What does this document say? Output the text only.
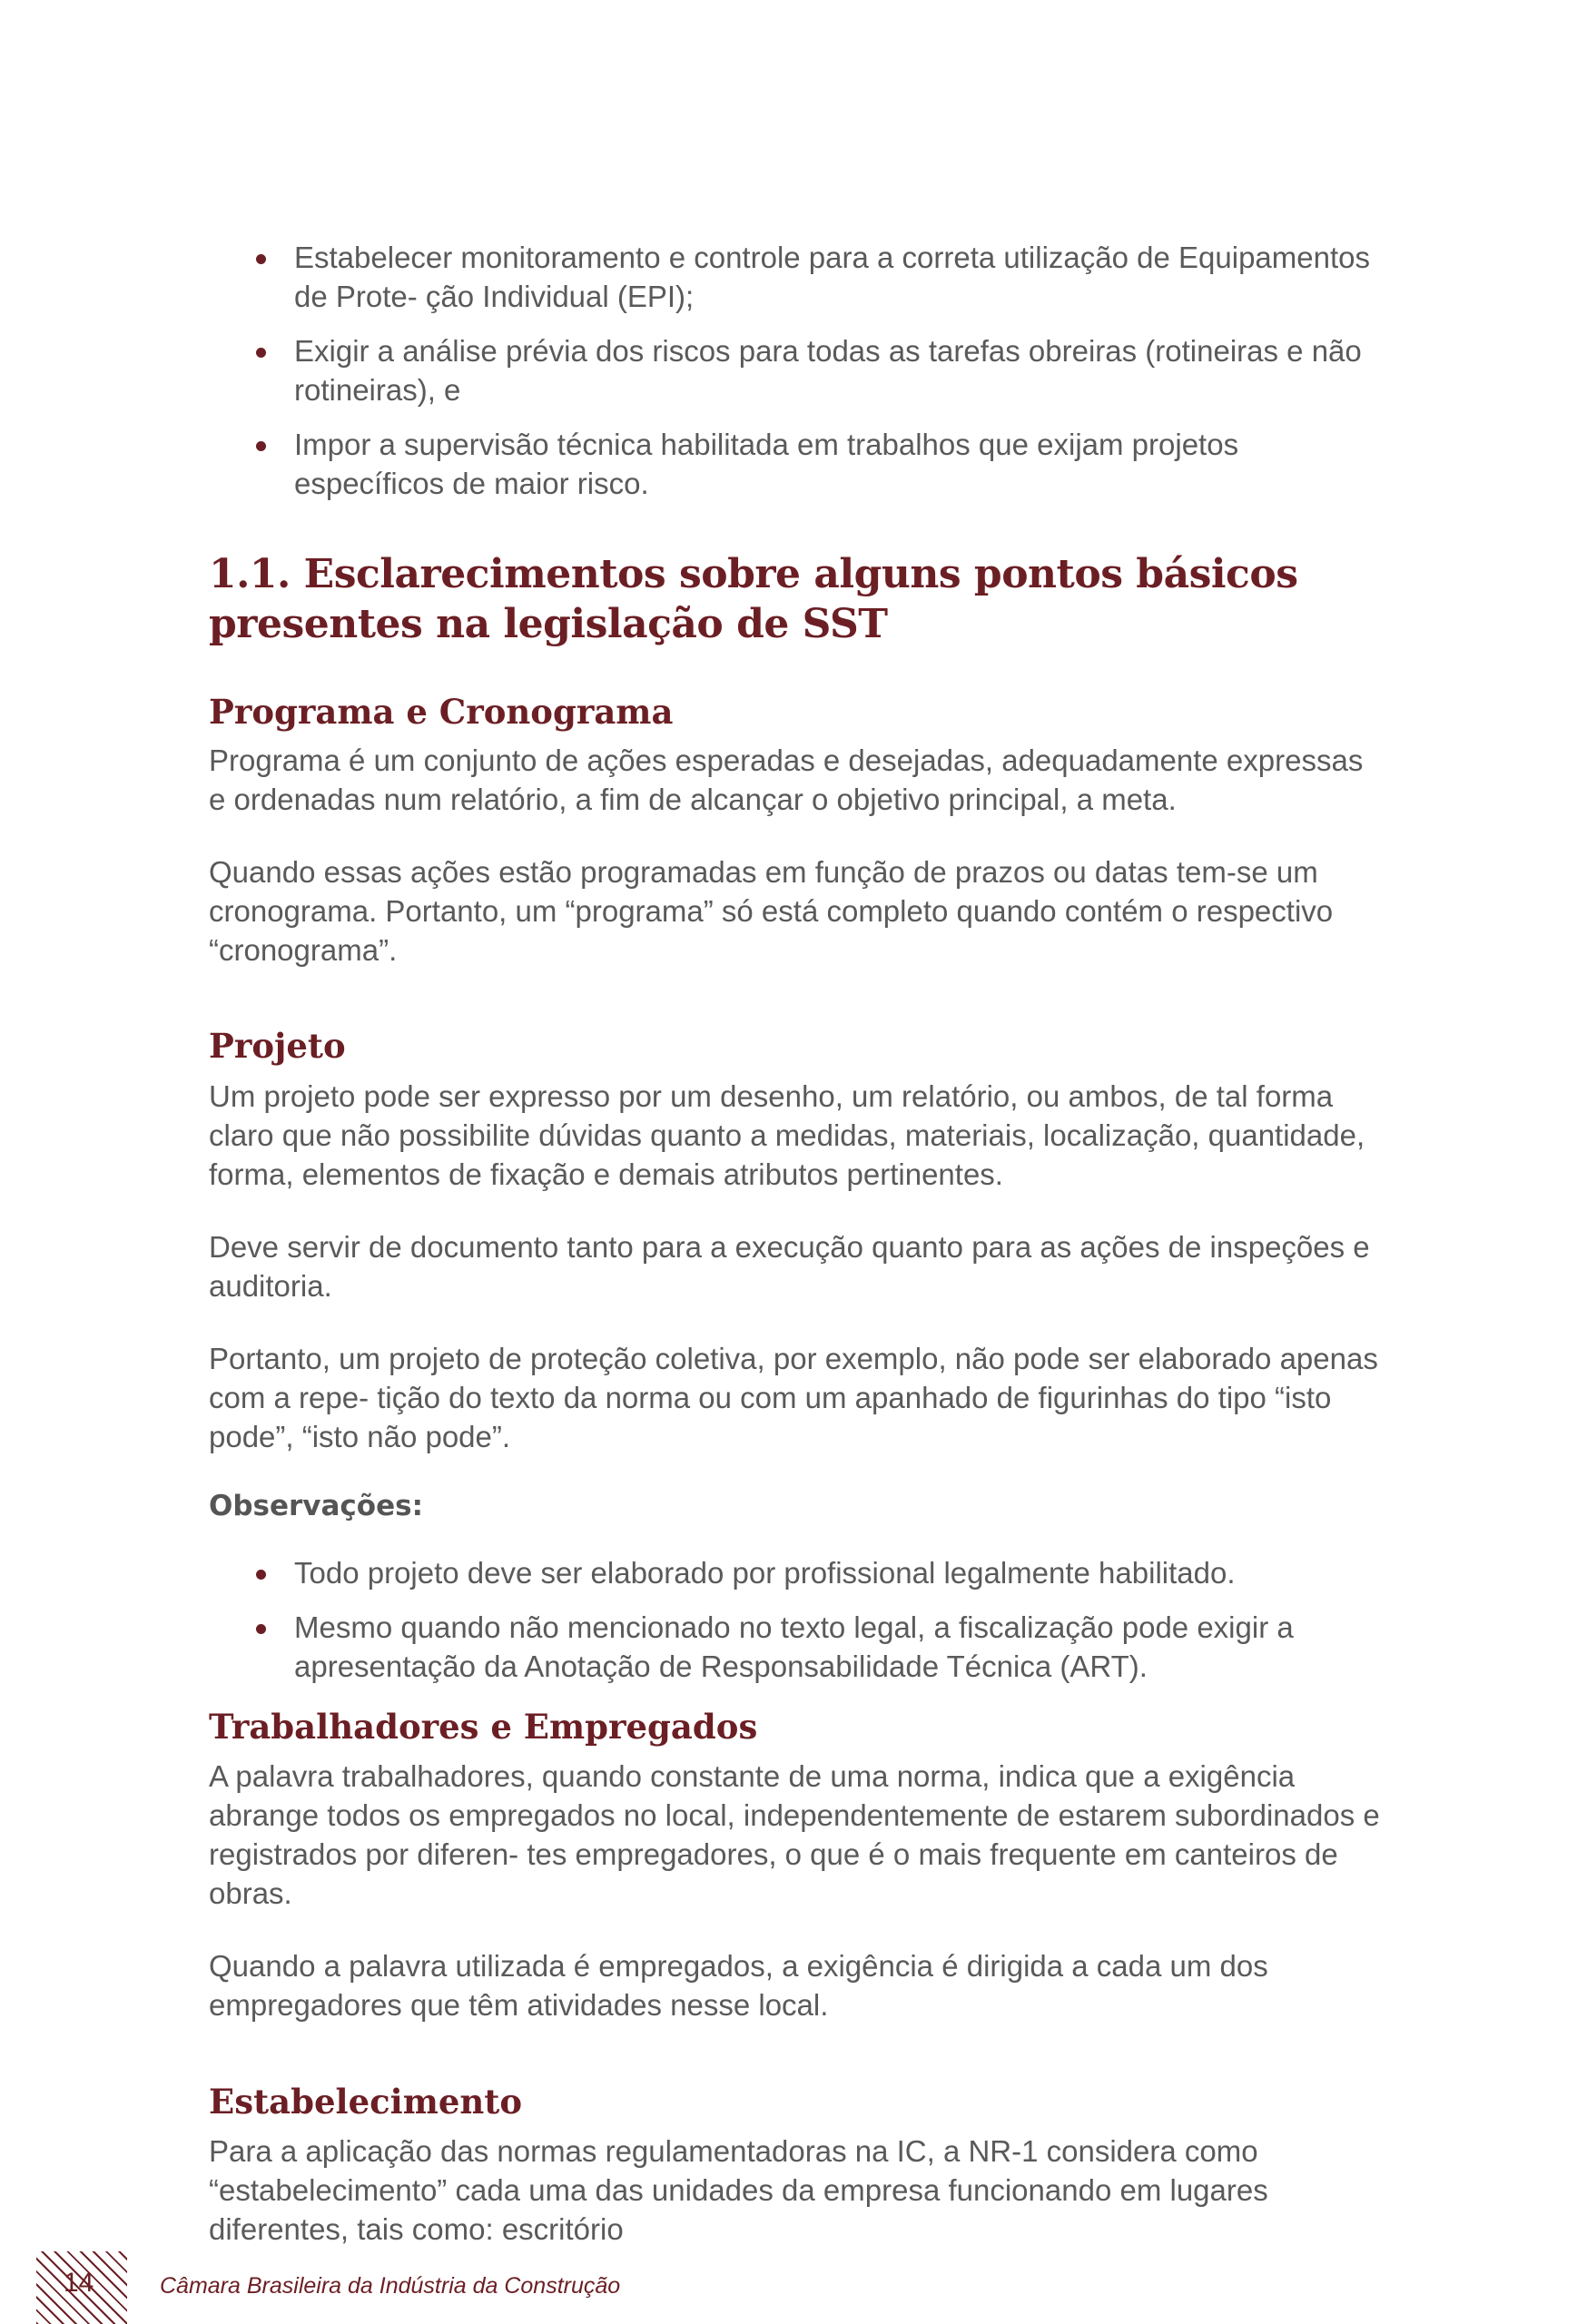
Estabelecer monitoramento e controle para a correta utilização de Equipamentos de Prote- ção Individual (EPI);
Exigir a análise prévia dos riscos para todas as tarefas obreiras (rotineiras e não rotineiras), e
Impor a supervisão técnica habilitada em trabalhos que exijam projetos específicos de maior risco.
1.1. Esclarecimentos sobre alguns pontos básicos presentes na legislação de SST
Programa e Cronograma

Programa é um conjunto de ações esperadas e desejadas, adequadamente expressas e ordenadas num relatório, a fim de alcançar o objetivo principal, a meta.

Quando essas ações estão programadas em função de prazos ou datas tem-se um cronograma. Portanto, um “programa” só está completo quando contém o respectivo “cronograma”.

Projeto

Um projeto pode ser expresso por um desenho, um relatório, ou ambos, de tal forma claro que não possibilite dúvidas quanto a medidas, materiais, localização, quantidade, forma, elementos de fixação e demais atributos pertinentes.

Deve servir de documento tanto para a execução quanto para as ações de inspeções e auditoria.

Portanto, um projeto de proteção coletiva, por exemplo, não pode ser elaborado apenas com a repe- tição do texto da norma ou com um apanhado de figurinhas do tipo “isto pode”, “isto não pode”.

Observações:

Todo projeto deve ser elaborado por profissional legalmente habilitado.
Mesmo quando não mencionado no texto legal, a fiscalização pode exigir a apresentação da Anotação de Responsabilidade Técnica (ART).
Trabalhadores e Empregados

A palavra trabalhadores, quando constante de uma norma, indica que a exigência abrange todos os empregados no local, independentemente de estarem subordinados e registrados por diferen- tes empregadores, o que é o mais frequente em canteiros de obras.

Quando a palavra utilizada é empregados, a exigência é dirigida a cada um dos empregadores que têm atividades nesse local.

Estabelecimento

Para a aplicação das normas regulamentadoras na IC, a NR-1 considera como “estabelecimento” cada uma das unidades da empresa funcionando em lugares diferentes, tais como: escritório

14	Câmara Brasileira da Indústria da Construção
